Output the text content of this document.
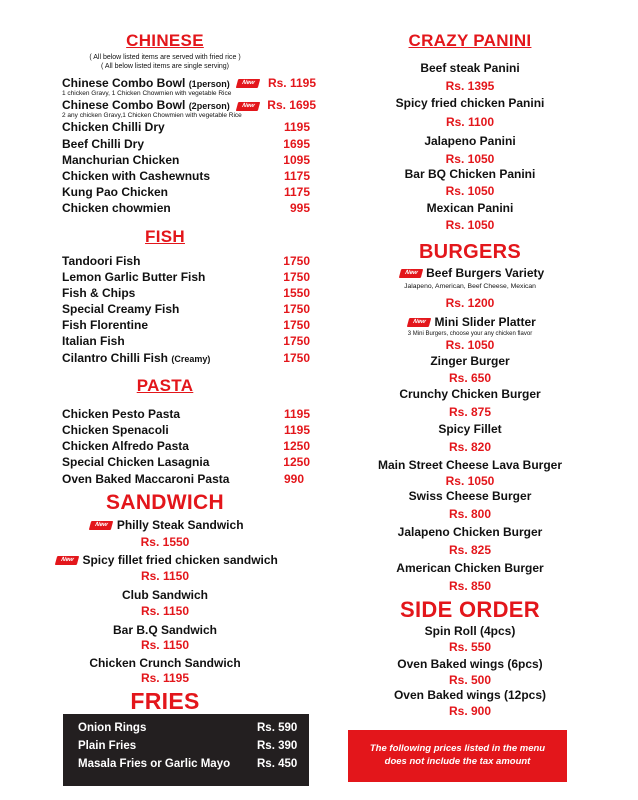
CHINESE
( All below listed items are served with fried rice )
( All below listed items are single serving)
Chinese Combo Bowl (1person) New	Rs. 1195
1 chicken Gravy, 1 Chicken Chowmien with vegetable Rice
Chinese Combo Bowl (2person) New Rs. 1695
2 any chicken Gravy,1 Chicken Chowmien with vegetable Rice
Chicken Chilli Dry	1195
Beef Chilli Dry	1695
Manchurian Chicken	1095
Chicken with Cashewnuts	1175
Kung Pao Chicken	1175
Chicken chowmien	995
FISH
Tandoori Fish	1750
Lemon Garlic Butter Fish	1750
Fish & Chips	1550
Special Creamy Fish	1750
Fish Florentine	1750
Italian Fish	1750
Cilantro Chilli Fish (Creamy)	1750
PASTA
Chicken Pesto Pasta	1195
Chicken Spenacoli	1195
Chicken Alfredo Pasta	1250
Special Chicken Lasagnia	1250
Oven Baked Maccaroni Pasta	990
SANDWICH
New Philly Steak Sandwich
Rs. 1550
New Spicy fillet fried chicken sandwich
Rs. 1150
Club Sandwich
Rs. 1150
Bar B.Q Sandwich
Rs. 1150
Chicken Crunch Sandwich
Rs. 1195
FRIES
Onion Rings	Rs. 590
Plain Fries	Rs. 390
Masala Fries or Garlic Mayo Rs. 450
CRAZY PANINI
Beef steak Panini
Rs. 1395
Spicy fried chicken Panini
Rs. 1100
Jalapeno Panini
Rs. 1050
Bar BQ Chicken Panini
Rs. 1050
Mexican Panini
Rs. 1050
BURGERS
New Beef Burgers Variety
Jalapeno, American, Beef Cheese, Mexican
Rs. 1200
New Mini Slider Platter
3 Mini Burgers, choose your any chicken flavor
Rs. 1050
Zinger Burger
Rs. 650
Crunchy Chicken Burger
Rs. 875
Spicy Fillet
Rs. 820
Main Street Cheese Lava Burger
Rs. 1050
Swiss Cheese Burger
Rs. 800
Jalapeno Chicken Burger
Rs. 825
American Chicken Burger
Rs. 850
SIDE ORDER
Spin Roll (4pcs)
Rs. 550
Oven Baked wings (6pcs)
Rs. 500
Oven Baked wings (12pcs)
Rs. 900
The following prices listed in the menu
does not include the tax amount
